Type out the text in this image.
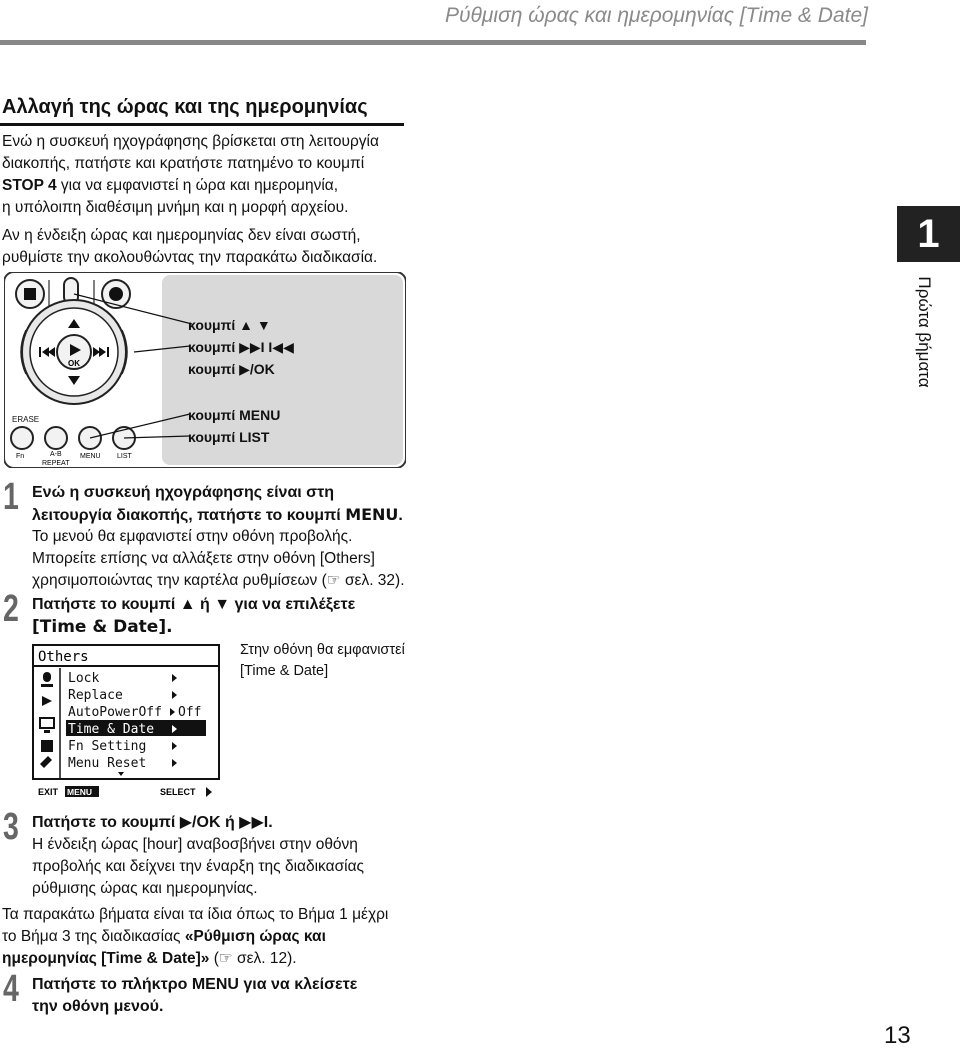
Ρύθμιση ώρας και ημερομηνίας [Time & Date]
Αλλαγή της ώρας και της ημερομηνίας
Ενώ η συσκευή ηχογράφησης βρίσκεται στη λειτουργία
διακοπής, πατήστε και κρατήστε πατημένο το κουμπί
STOP 4 για να εμφανιστεί η ώρα και ημερομηνία,
η υπόλοιπη διαθέσιμη μνήμη και η μορφή αρχείου.
Αν η ένδειξη ώρας και ημερομηνίας δεν είναι σωστή,
ρυθμίστε την ακολουθώντας την παρακάτω διαδικασία.
1
Πρώτα βήματα
OK
ERASE
Fn	A-B
REPEAT
MENU LIST
κουμπί ▲ ▼
κουμπί ▶▶I I◀◀
κουμπί ▶/OK
κουμπί MENU
κουμπί LIST
1 Ενώ η συσκευή ηχογράφησης είναι στη
λειτουργία διακοπής, πατήστε το κουμπί MENU.
Το μενού θα εμφανιστεί στην οθόνη προβολής.
Μπορείτε επίσης να αλλάξετε στην οθόνη [Others]
χρησιμοποιώντας την καρτέλα ρυθμίσεων (☞ σελ. 32).
2 Πατήστε το κουμπί ▲ ή ▼ για να επιλέξετε
[Time & Date].
Others
Lock
Replace
AutoPowerOff Off
Time & Date
Fn Setting
Menu Reset
EXIT MENU	SELECT
Στην οθόνη θα εμφανιστεί
[Time & Date]
3 Πατήστε το κουμπί ▶/OK ή ▶▶I.
Η ένδειξη ώρας [hour] αναβοσβήνει στην οθόνη
προβολής και δείχνει την έναρξη της διαδικασίας
ρύθμισης ώρας και ημερομηνίας.
Τα παρακάτω βήματα είναι τα ίδια όπως το Βήμα 1 μέχρι
το Βήμα 3 της διαδικασίας «Ρύθμιση ώρας και
ημερομηνίας [Time & Date]» (☞ σελ. 12).
4 Πατήστε το πλήκτρο MENU για να κλείσετε
την οθόνη μενού.
13
